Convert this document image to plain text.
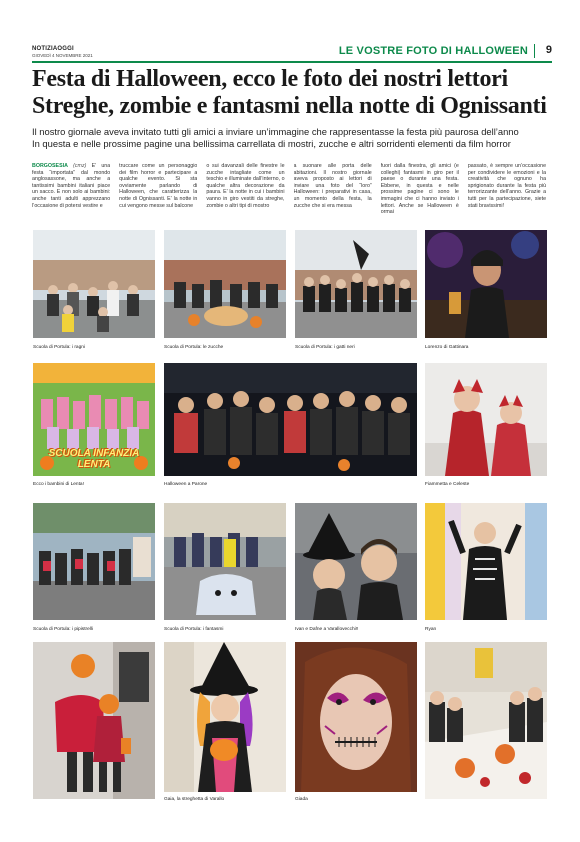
NOTIZIAOGGI
GIOVEDÌ 4 NOVEMBRE 2021	LE VOSTRE FOTO DI HALLOWEEN 9
Festa di Halloween, ecco le foto dei nostri lettori
Streghe, zombie e fantasmi nella notte di Ognissanti
Il nostro giornale aveva invitato tutti gli amici a inviare un’immagine che rappresentasse la festa più paurosa dell’anno
In questa e nelle prossime pagine una bellissima carrellata di mostri, zucche e altri sorridenti elementi da film horror
BORGOSESIA (cmz) E’ una festa “importata” dal mondo anglosassone, ma anche a tantissimi bambini italiani piace un sacco. E non solo ai bambini: anche tanti adulti apprezzano l’occasione di potersi vestire e
truccare come un personaggio dei film horror e partecipare a qualche evento. Si sta ovviamente parlando di Halloween, che caratterizza la notte di Ognissanti. E’ la notte in cui vengono messe sul balcone
o sui davanzali delle finestre le zucche intagliate come un teschio e illuminate dall’interno, o qualche altra decorazione da paura. E’ la notte in cui i bambini vanno in giro vestiti da streghe, zombie o altri tipi di mostro
a suonare alle porta delle abitazioni. Il nostro giornale aveva proposto ai lettori di inviare una foto del “loro” Halloween: i preparativi in casa, un momento della festa, la zucche che si era messa
fuori dalla finestra, gli amici (e colleghi) fantasmi in giro per il paese o durante una festa. Ebbene, in questa e nelle prossime pagine ci sono le immagini che ci hanno inviato i lettori. Anche se Halloween è ormai
passato, è sempre un’occasione per condividere le emozioni e la creatività che ognuno ha sprigionato durante la festa più terrorizzante dell’anno. Grazie a tutti per la partecipazione, siete stati bravissimi!
Scuola di Portula: i ragni	Scuola di Portula: le zucche	Scuola di Portula: i gatti neri	Lorenzo di Gattinara
SCUOLA INFANZIA LENTA
Ecco i bambini di Lenta!	Halloween a Parone	Fiammetta e Celeste
Scuola di Portula: i pipistrelli	Scuola di Portula: i fantasmi	Ivan e Dafne a Varallovecchi!!	Ryan
Gaia, la streghetta di Varallo	Giada
